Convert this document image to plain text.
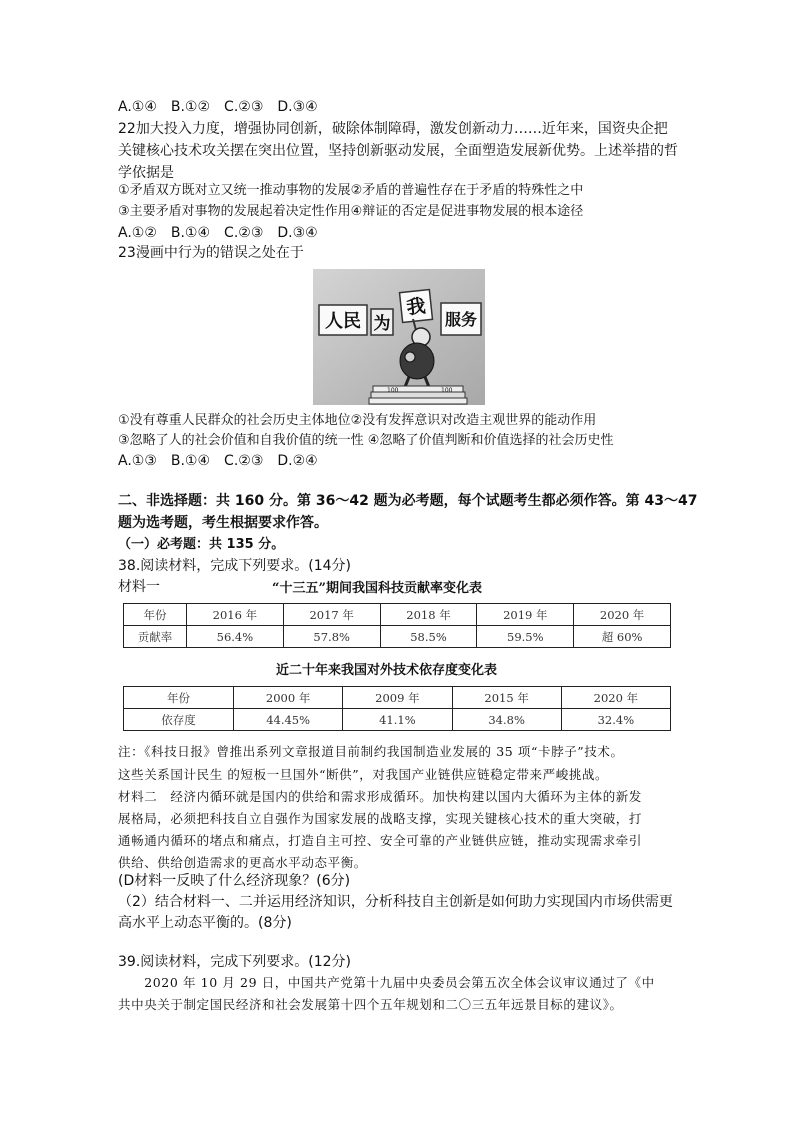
A.①④　B.①②　C.②③　D.③④
22加大投入力度，增强协同创新，破除体制障碍，激发创新动力……近年来，国资央企把
关键核心技术攻关摆在突出位置，坚持创新驱动发展，全面塑造发展新优势。上述举措的哲
学依据是
①矛盾双方既对立又统一推动事物的发展②矛盾的普遍性存在于矛盾的特殊性之中
③主要矛盾对事物的发展起着决定性作用④辩证的否定是促进事物发展的根本途径
A.①②　B.①④　C.②③　D.③④
23漫画中行为的错误之处在于
人民 为
我
服务
100	100
①没有尊重人民群众的社会历史主体地位②没有发挥意识对改造主观世界的能动作用
③忽略了人的社会价值和自我价值的统一性 ④忽略了价值判断和价值选择的社会历史性
A.①③　B.①④　C.②③　D.②④
二、非选择题：共 160 分。第 36～42 题为必考题，每个试题考生都必须作答。第 43～47
题为选考题，考生根据要求作答。
（一）必考题：共 135 分。
38.阅读材料，完成下列要求。(14分)
材料一	“十三五”期间我国科技贡献率变化表
年份	2016 年	2017 年	2018 年	2019 年	2020 年
贡献率	56.4%	57.8%	58.5%	59.5%	超 60%
近二十年来我国对外技术依存度变化表
年份	2000 年	2009 年	2015 年	2020 年
依存度	44.45%	41.1%	34.8%	32.4%
注：《科技日报》曾推出系列文章报道目前制约我国制造业发展的 35 项“卡脖子”技术。
这些关系国计民生 的短板一旦国外“断供”，对我国产业链供应链稳定带来严峻挑战。
材料二　经济内循环就是国内的供给和需求形成循环。加快构建以国内大循环为主体的新发
展格局，必须把科技自立自强作为国家发展的战略支撑，实现关键核心技术的重大突破，打
通畅通内循环的堵点和痛点，打造自主可控、安全可靠的产业链供应链，推动实现需求牵引
供给、供给创造需求的更高水平动态平衡。
(D材料一反映了什么经济现象？(6分)
（2）结合材料一、二并运用经济知识，分析科技自主创新是如何助力实现国内市场供需更
高水平上动态平衡的。(8分)
39.阅读材料，完成下列要求。(12分)
　　2020 年 10 月 29 日，中国共产党第十九届中央委员会第五次全体会议审议通过了《中
共中央关于制定国民经济和社会发展第十四个五年规划和二〇三五年远景目标的建议》。
